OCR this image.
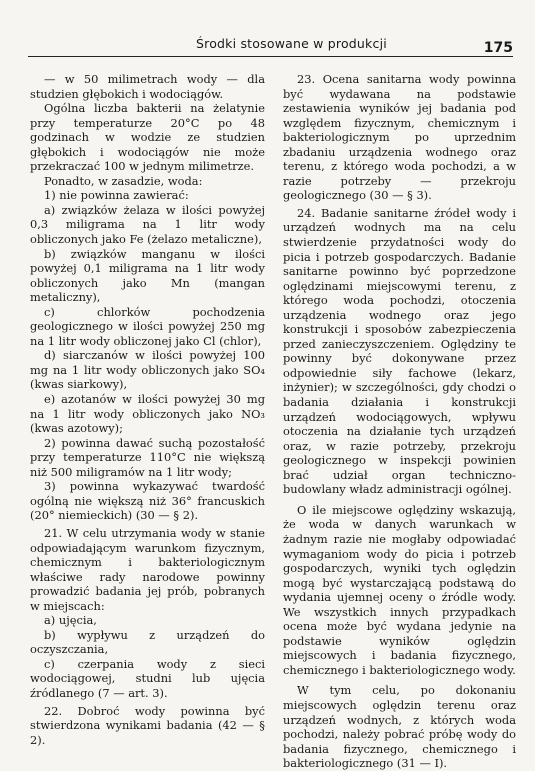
Środki stosowane w produkcji	175

— w 50 milimetrach wody — dla studzien głębokich i wodociągów.

Ogólna liczba bakterii na żelatynie przy temperaturze 20°C po 48 godzinach w wodzie ze studzien głębokich i wodociągów nie może przekraczać 100 w jednym milimetrze.

Ponadto, w zasadzie, woda:

1) nie powinna zawierać:

a) związków żelaza w ilości powyżej 0,3 miligrama na 1 litr wody obliczonych jako Fe (żelazo metaliczne),

b) związków manganu w ilości powyżej 0,1 miligrama na 1 litr wody obliczonych jako Mn (mangan metaliczny),

c) chlorków pochodzenia geologicznego w ilości powyżej 250 mg na 1 litr wody obliczonej jako Cl (chlor),

d) siarczanów w ilości powyżej 100 mg na 1 litr wody obliczonych jako SO₄ (kwas siarkowy),

e) azotanów w ilości powyżej 30 mg na 1 litr wody obliczonych jako NO₃ (kwas azotowy);

2) powinna dawać suchą pozostałość przy temperaturze 110°C nie większą niż 500 miligramów na 1 litr wody;

3) powinna wykazywać twardość ogólną nie większą niż 36° francuskich (20° niemieckich) (30 — § 2).

21. W celu utrzymania wody w stanie odpowiadającym warunkom fizycznym, chemicznym i bakteriologicznym właściwe rady narodowe powinny prowadzić badania jej prób, pobranych w miejscach:

a) ujęcia,

b) wypływu z urządzeń do oczyszczania,

c) czerpania wody z sieci wodociągowej, studni lub ujęcia źródlanego (7 — art. 3).

22. Dobroć wody powinna być stwierdzona wynikami badania (42 — § 2).

23. Ocena sanitarna wody powinna być wydawana na podstawie zestawienia wyników jej badania pod względem fizycznym, chemicznym i bakteriologicznym po uprzednim zbadaniu urządzenia wodnego oraz terenu, z którego woda pochodzi, a w razie potrzeby — przekroju geologicznego (30 — § 3).

24. Badanie sanitarne źródeł wody i urządzeń wodnych ma na celu stwierdzenie przydatności wody do picia i potrzeb gospodarczych. Badanie sanitarne powinno być poprzedzone oględzinami miejscowymi terenu, z którego woda pochodzi, otoczenia urządzenia wodnego oraz jego konstrukcji i sposobów zabezpieczenia przed zanieczyszczeniem. Oględziny te powinny być dokonywane przez odpowiednie siły fachowe (lekarz, inżynier); w szczególności, gdy chodzi o badania działania i konstrukcji urządzeń wodociągowych, wpływu otoczenia na działanie tych urządzeń oraz, w razie potrzeby, przekroju geologicznego w inspekcji powinien brać udział organ techniczno-budowlany władz administracji ogólnej.

O ile miejscowe oględziny wskazują, że woda w danych warunkach w żadnym razie nie mogłaby odpowiadać wymaganiom wody do picia i potrzeb gospodarczych, wyniki tych oględzin mogą być wystarczającą podstawą do wydania ujemnej oceny o źródle wody. We wszystkich innych przypadkach ocena może być wydana jedynie na podstawie wyników oględzin miejscowych i badania fizycznego, chemicznego i bakteriologicznego wody.

W tym celu, po dokonaniu miejscowych oględzin terenu oraz urządzeń wodnych, z których woda pochodzi, należy pobrać próbę wody do badania fizycznego, chemicznego i bakteriologicznego (31 — I).
